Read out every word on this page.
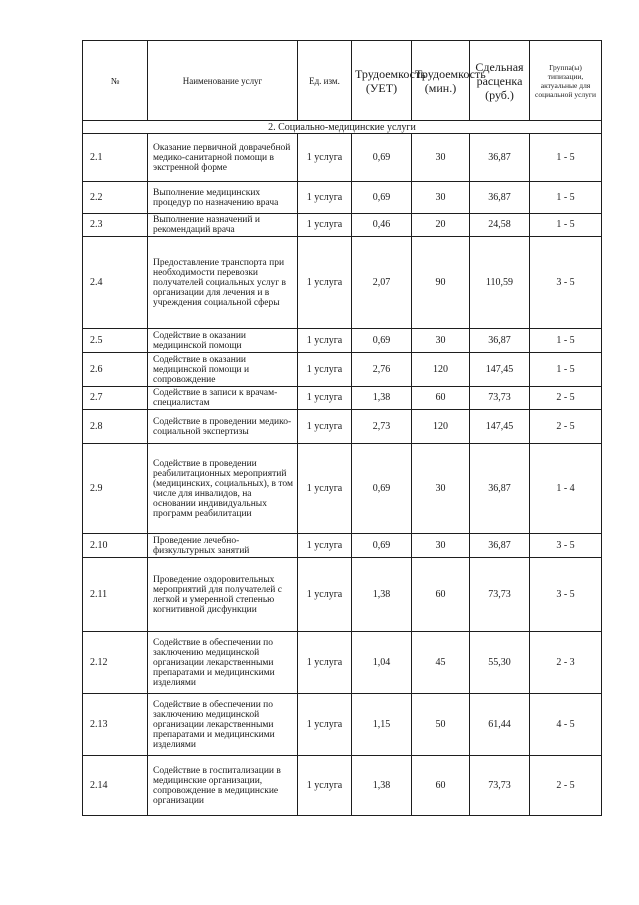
№	Наименование услуг	Ед. изм.	Трудоемкость (УЕТ)	Трудоемкость (мин.)	Сдельная расценка (руб.)	Группа(ы) типизации, актуальные для социальной услуги
2. Социально-медицинские услуги						
2.1	Оказание первичной доврачебной медико-санитарной помощи в экстренной форме	1 услуга	0,69	30	36,87	1 - 5
2.2	Выполнение медицинских процедур по назначению врача	1 услуга	0,69	30	36,87	1 - 5
2.3	Выполнение назначений и рекомендаций врача	1 услуга	0,46	20	24,58	1 - 5
2.4	Предоставление транспорта при необходимости перевозки получателей социальных услуг в организации для лечения и в учреждения социальной сферы	1 услуга	2,07	90	110,59	3 - 5
2.5	Содействие в оказании медицинской помощи	1 услуга	0,69	30	36,87	1 - 5
2.6	Содействие в оказании медицинской помощи и сопровождение	1 услуга	2,76	120	147,45	1 - 5
2.7	Содействие в записи к врачам-специалистам	1 услуга	1,38	60	73,73	2 - 5
2.8	Содействие в проведении медико-социальной экспертизы	1 услуга	2,73	120	147,45	2 - 5
2.9	Содействие в проведении реабилитационных мероприятий (медицинских, социальных), в том числе для инвалидов, на основании индивидуальных программ реабилитации	1 услуга	0,69	30	36,87	1 - 4
2.10	Проведение лечебно-физкультурных занятий	1 услуга	0,69	30	36,87	3 - 5
2.11	Проведение оздоровительных мероприятий для получателей с легкой и умеренной степенью когнитивной дисфункции	1 услуга	1,38	60	73,73	3 - 5
2.12	Содействие в обеспечении по заключению медицинской организации лекарственными препаратами и медицинскими изделиями	1 услуга	1,04	45	55,30	2 - 3
2.13	Содействие в обеспечении по заключению медицинской организации лекарственными препаратами и медицинскими изделиями	1 услуга	1,15	50	61,44	4 - 5
2.14	Содействие в госпитализации в медицинские организации, сопровождение в медицинские организации	1 услуга	1,38	60	73,73	2 - 5
